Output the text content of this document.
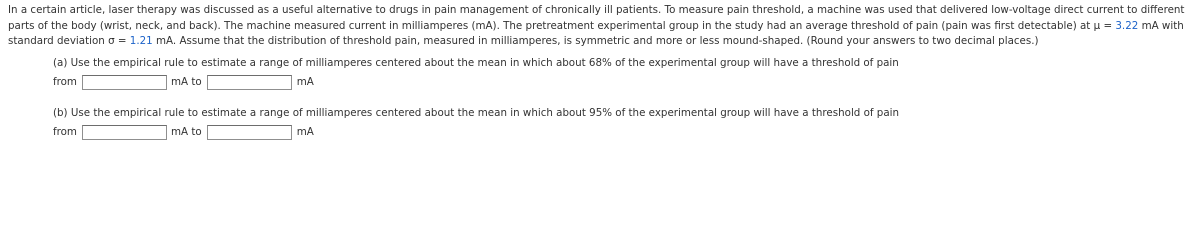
In a certain article, laser therapy was discussed as a useful alternative to drugs in pain management of chronically ill patients. To measure pain threshold, a machine was used that delivered low-voltage direct current to different parts of the body (wrist, neck, and back). The machine measured current in milliamperes (mA). The pretreatment experimental group in the study had an average threshold of pain (pain was first detectable) at μ = 3.22 mA with standard deviation σ = 1.21 mA. Assume that the distribution of threshold pain, measured in milliamperes, is symmetric and more or less mound-shaped. (Round your answers to two decimal places.)

(a) Use the empirical rule to estimate a range of milliamperes centered about the mean in which about 68% of the experimental group will have a threshold of pain
from	mA to	mA
(b) Use the empirical rule to estimate a range of milliamperes centered about the mean in which about 95% of the experimental group will have a threshold of pain
from	mA to	mA
